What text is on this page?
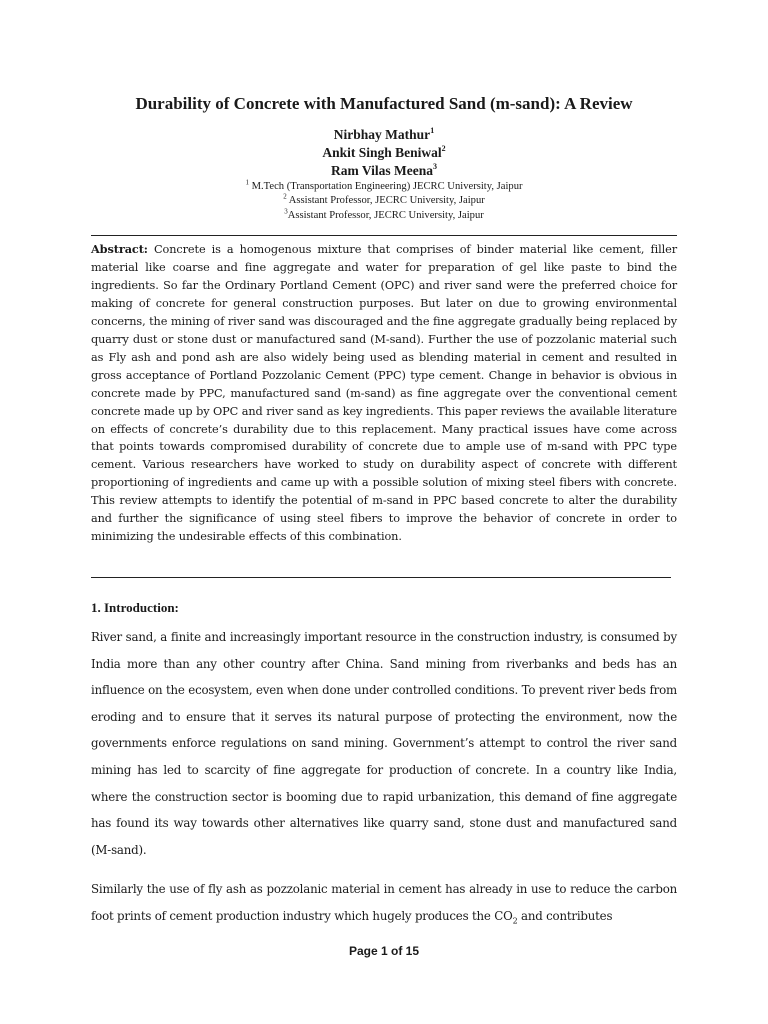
Durability of Concrete with Manufactured Sand (m-sand): A Review
Nirbhay Mathur$^1$
Ankit Singh Beniwal$^2$
Ram Vilas Meena$^3$
$^1$ M.Tech (Transportation Engineering) JECRC University, Jaipur
$^2$ Assistant Professor, JECRC University, Jaipur
$^3$Assistant Professor, JECRC University, Jaipur
Abstract: Concrete is a homogenous mixture that comprises of binder material like cement, filler material like coarse and fine aggregate and water for preparation of gel like paste to bind the ingredients. So far the Ordinary Portland Cement (OPC) and river sand were the preferred choice for making of concrete for general construction purposes. But later on due to growing environmental concerns, the mining of river sand was discouraged and the fine aggregate gradually being replaced by quarry dust or stone dust or manufactured sand (M-sand). Further the use of pozzolanic material such as Fly ash and pond ash are also widely being used as blending material in cement and resulted in gross acceptance of Portland Pozzolanic Cement (PPC) type cement. Change in behavior is obvious in concrete made by PPC, manufactured sand (m-sand) as fine aggregate over the conventional cement concrete made up by OPC and river sand as key ingredients. This paper reviews the available literature on effects of concrete’s durability due to this replacement. Many practical issues have come across that points towards compromised durability of concrete due to ample use of m-sand with PPC type cement. Various researchers have worked to study on durability aspect of concrete with different proportioning of ingredients and came up with a possible solution of mixing steel fibers with concrete. This review attempts to identify the potential of m-sand in PPC based concrete to alter the durability and further the significance of using steel fibers to improve the behavior of concrete in order to minimizing the undesirable effects of this combination.
1. Introduction:
River sand, a finite and increasingly important resource in the construction industry, is consumed by India more than any other country after China. Sand mining from riverbanks and beds has an influence on the ecosystem, even when done under controlled conditions. To prevent river beds from eroding and to ensure that it serves its natural purpose of protecting the environment, now the governments enforce regulations on sand mining. Government’s attempt to control the river sand mining has led to scarcity of fine aggregate for production of concrete. In a country like India, where the construction sector is booming due to rapid urbanization, this demand of fine aggregate has found its way towards other alternatives like quarry sand, stone dust and manufactured sand (M-sand).
Similarly the use of fly ash as pozzolanic material in cement has already in use to reduce the carbon foot prints of cement production industry which hugely produces the $CO_2$ and contributes
Page 1 of 15
